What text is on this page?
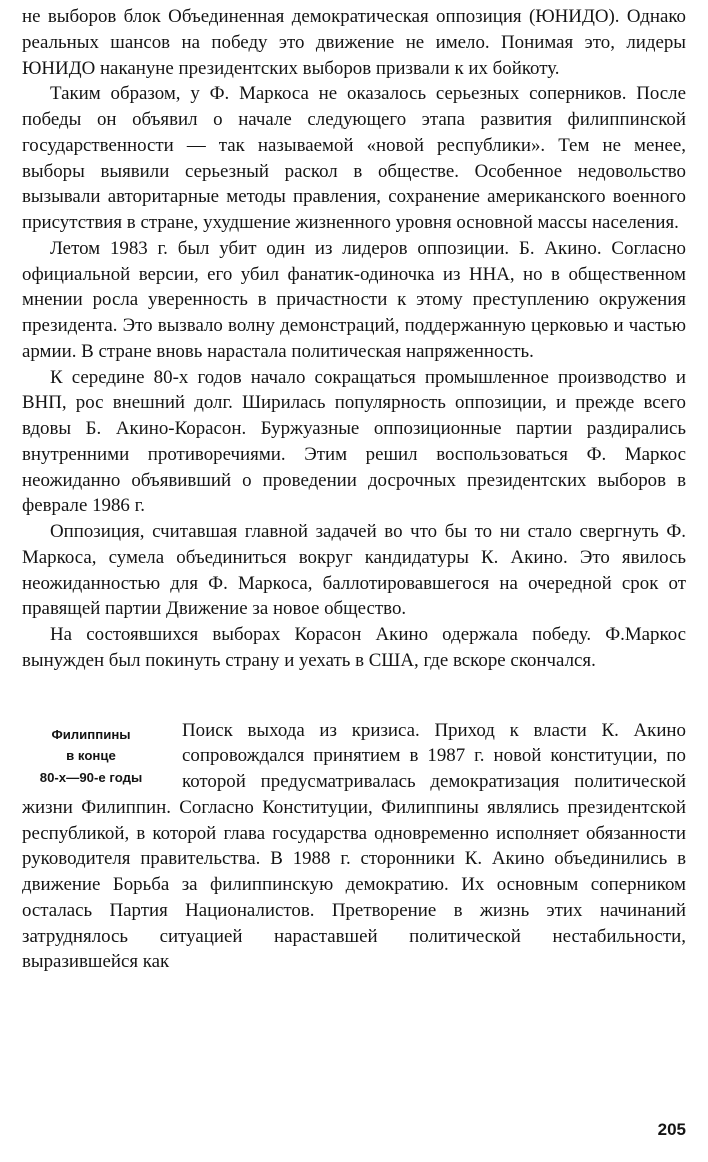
не выборов блок Объединенная демократическая оппозиция (ЮНИДО). Однако реальных шансов на победу это движение не имело. Понимая это, лидеры ЮНИДО накануне президентских выборов призвали к их бойкоту.

Таким образом, у Ф. Маркоса не оказалось серьезных соперников. После победы он объявил о начале следующего этапа развития филиппинской государственности — так называемой «новой республики». Тем не менее, выборы выявили серьезный раскол в обществе. Особенное недовольство вызывали авторитарные методы правления, сохранение американского военного присутствия в стране, ухудшение жизненного уровня основной массы населения.

Летом 1983 г. был убит один из лидеров оппозиции. Б. Акино. Согласно официальной версии, его убил фанатик-одиночка из ННА, но в общественном мнении росла уверенность в причастности к этому преступлению окружения президента. Это вызвало волну демонстраций, поддержанную церковью и частью армии. В стране вновь нарастала политическая напряженность.

К середине 80-х годов начало сокращаться промышленное производство и ВНП, рос внешний долг. Ширилась популярность оппозиции, и прежде всего вдовы Б. Акино-Корасон. Буржуазные оппозиционные партии раздирались внутренними противоречиями. Этим решил воспользоваться Ф. Маркос неожиданно объявивший о проведении досрочных президентских выборов в феврале 1986 г.

Оппозиция, считавшая главной задачей во что бы то ни стало свергнуть Ф. Маркоса, сумела объединиться вокруг кандидатуры К. Акино. Это явилось неожиданностью для Ф. Маркоса, баллотировавшегося на очередной срок от правящей партии Движение за новое общество.

На состоявшихся выборах Корасон Акино одержала победу. Ф.Маркос вынужден был покинуть страну и уехать в США, где вскоре скончался.

Филиппины
в конце
80-х—90-е годы

Поиск выхода из кризиса. Приход к власти К. Акино сопровождался принятием в 1987 г. новой конституции, по которой предусматривалась демократизация политической жизни Филиппин. Согласно Конституции, Филиппины являлись президентской республикой, в которой глава государства одновременно исполняет обязанности руководителя правительства. В 1988 г. сторонники К. Акино объединились в движение Борьба за филиппинскую демократию. Их основным соперником осталась Партия Националистов. Претворение в жизнь этих начинаний затруднялось ситуацией нараставшей политической нестабильности, выразившейся как

205
